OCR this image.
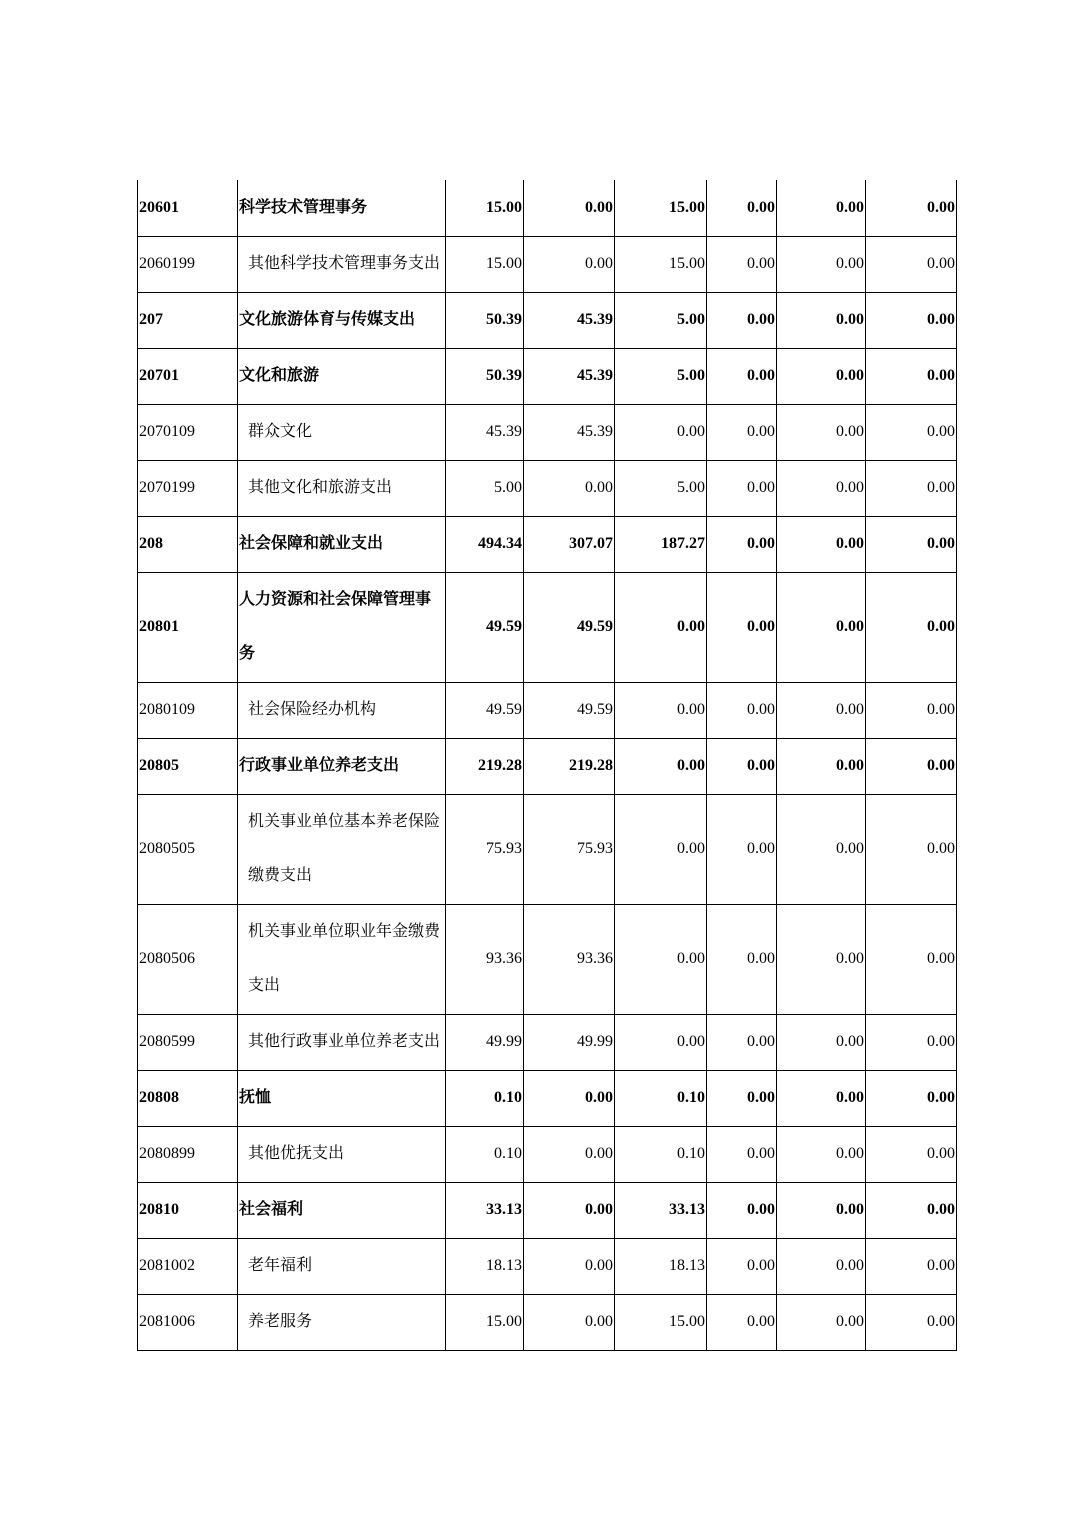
20601	科学技术管理事务	15.00	0.00	15.00	0.00	0.00	0.00
2060199	其他科学技术管理事务支出	15.00	0.00	15.00	0.00	0.00	0.00
207	文化旅游体育与传媒支出	50.39	45.39	5.00	0.00	0.00	0.00
20701	文化和旅游	50.39	45.39	5.00	0.00	0.00	0.00
2070109	群众文化	45.39	45.39	0.00	0.00	0.00	0.00
2070199	其他文化和旅游支出	5.00	0.00	5.00	0.00	0.00	0.00
208	社会保障和就业支出	494.34	307.07	187.27	0.00	0.00	0.00
20801	人力资源和社会保障管理事务	49.59	49.59	0.00	0.00	0.00	0.00
2080109	社会保险经办机构	49.59	49.59	0.00	0.00	0.00	0.00
20805	行政事业单位养老支出	219.28	219.28	0.00	0.00	0.00	0.00
2080505	机关事业单位基本养老保险缴费支出	75.93	75.93	0.00	0.00	0.00	0.00
2080506	机关事业单位职业年金缴费支出	93.36	93.36	0.00	0.00	0.00	0.00
2080599	其他行政事业单位养老支出	49.99	49.99	0.00	0.00	0.00	0.00
20808	抚恤	0.10	0.00	0.10	0.00	0.00	0.00
2080899	其他优抚支出	0.10	0.00	0.10	0.00	0.00	0.00
20810	社会福利	33.13	0.00	33.13	0.00	0.00	0.00
2081002	老年福利	18.13	0.00	18.13	0.00	0.00	0.00
2081006	养老服务	15.00	0.00	15.00	0.00	0.00	0.00
